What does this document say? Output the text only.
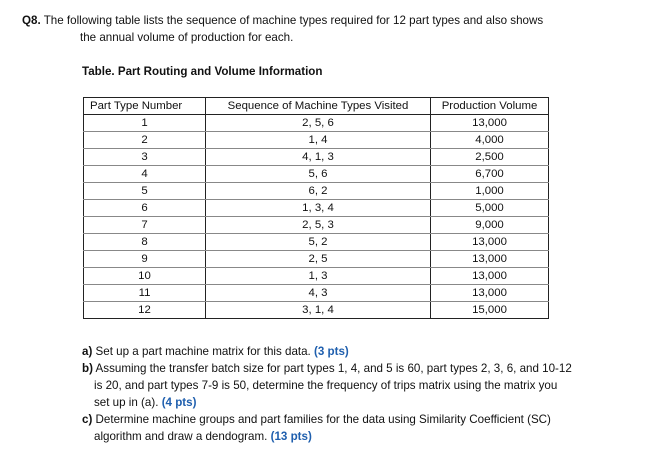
Q8. The following table lists the sequence of machine types required for 12 part types and also shows
the annual volume of production for each.
Table. Part Routing and Volume Information
Part Type Number	Sequence of Machine Types Visited	Production Volume
1	2, 5, 6	13,000
2	1, 4	4,000
3	4, 1, 3	2,500
4	5, 6	6,700
5	6, 2	1,000
6	1, 3, 4	5,000
7	2, 5, 3	9,000
8	5, 2	13,000
9	2, 5	13,000
10	1, 3	13,000
11	4, 3	13,000
12	3, 1, 4	15,000

a) Set up a part machine matrix for this data. (3 pts)

b) Assuming the transfer batch size for part types 1, 4, and 5 is 60, part types 2, 3, 6, and 10-12
is 20, and part types 7-9 is 50, determine the frequency of trips matrix using the matrix you
set up in (a). (4 pts)

c) Determine machine groups and part families for the data using Similarity Coefficient (SC)
algorithm and draw a dendogram. (13 pts)
